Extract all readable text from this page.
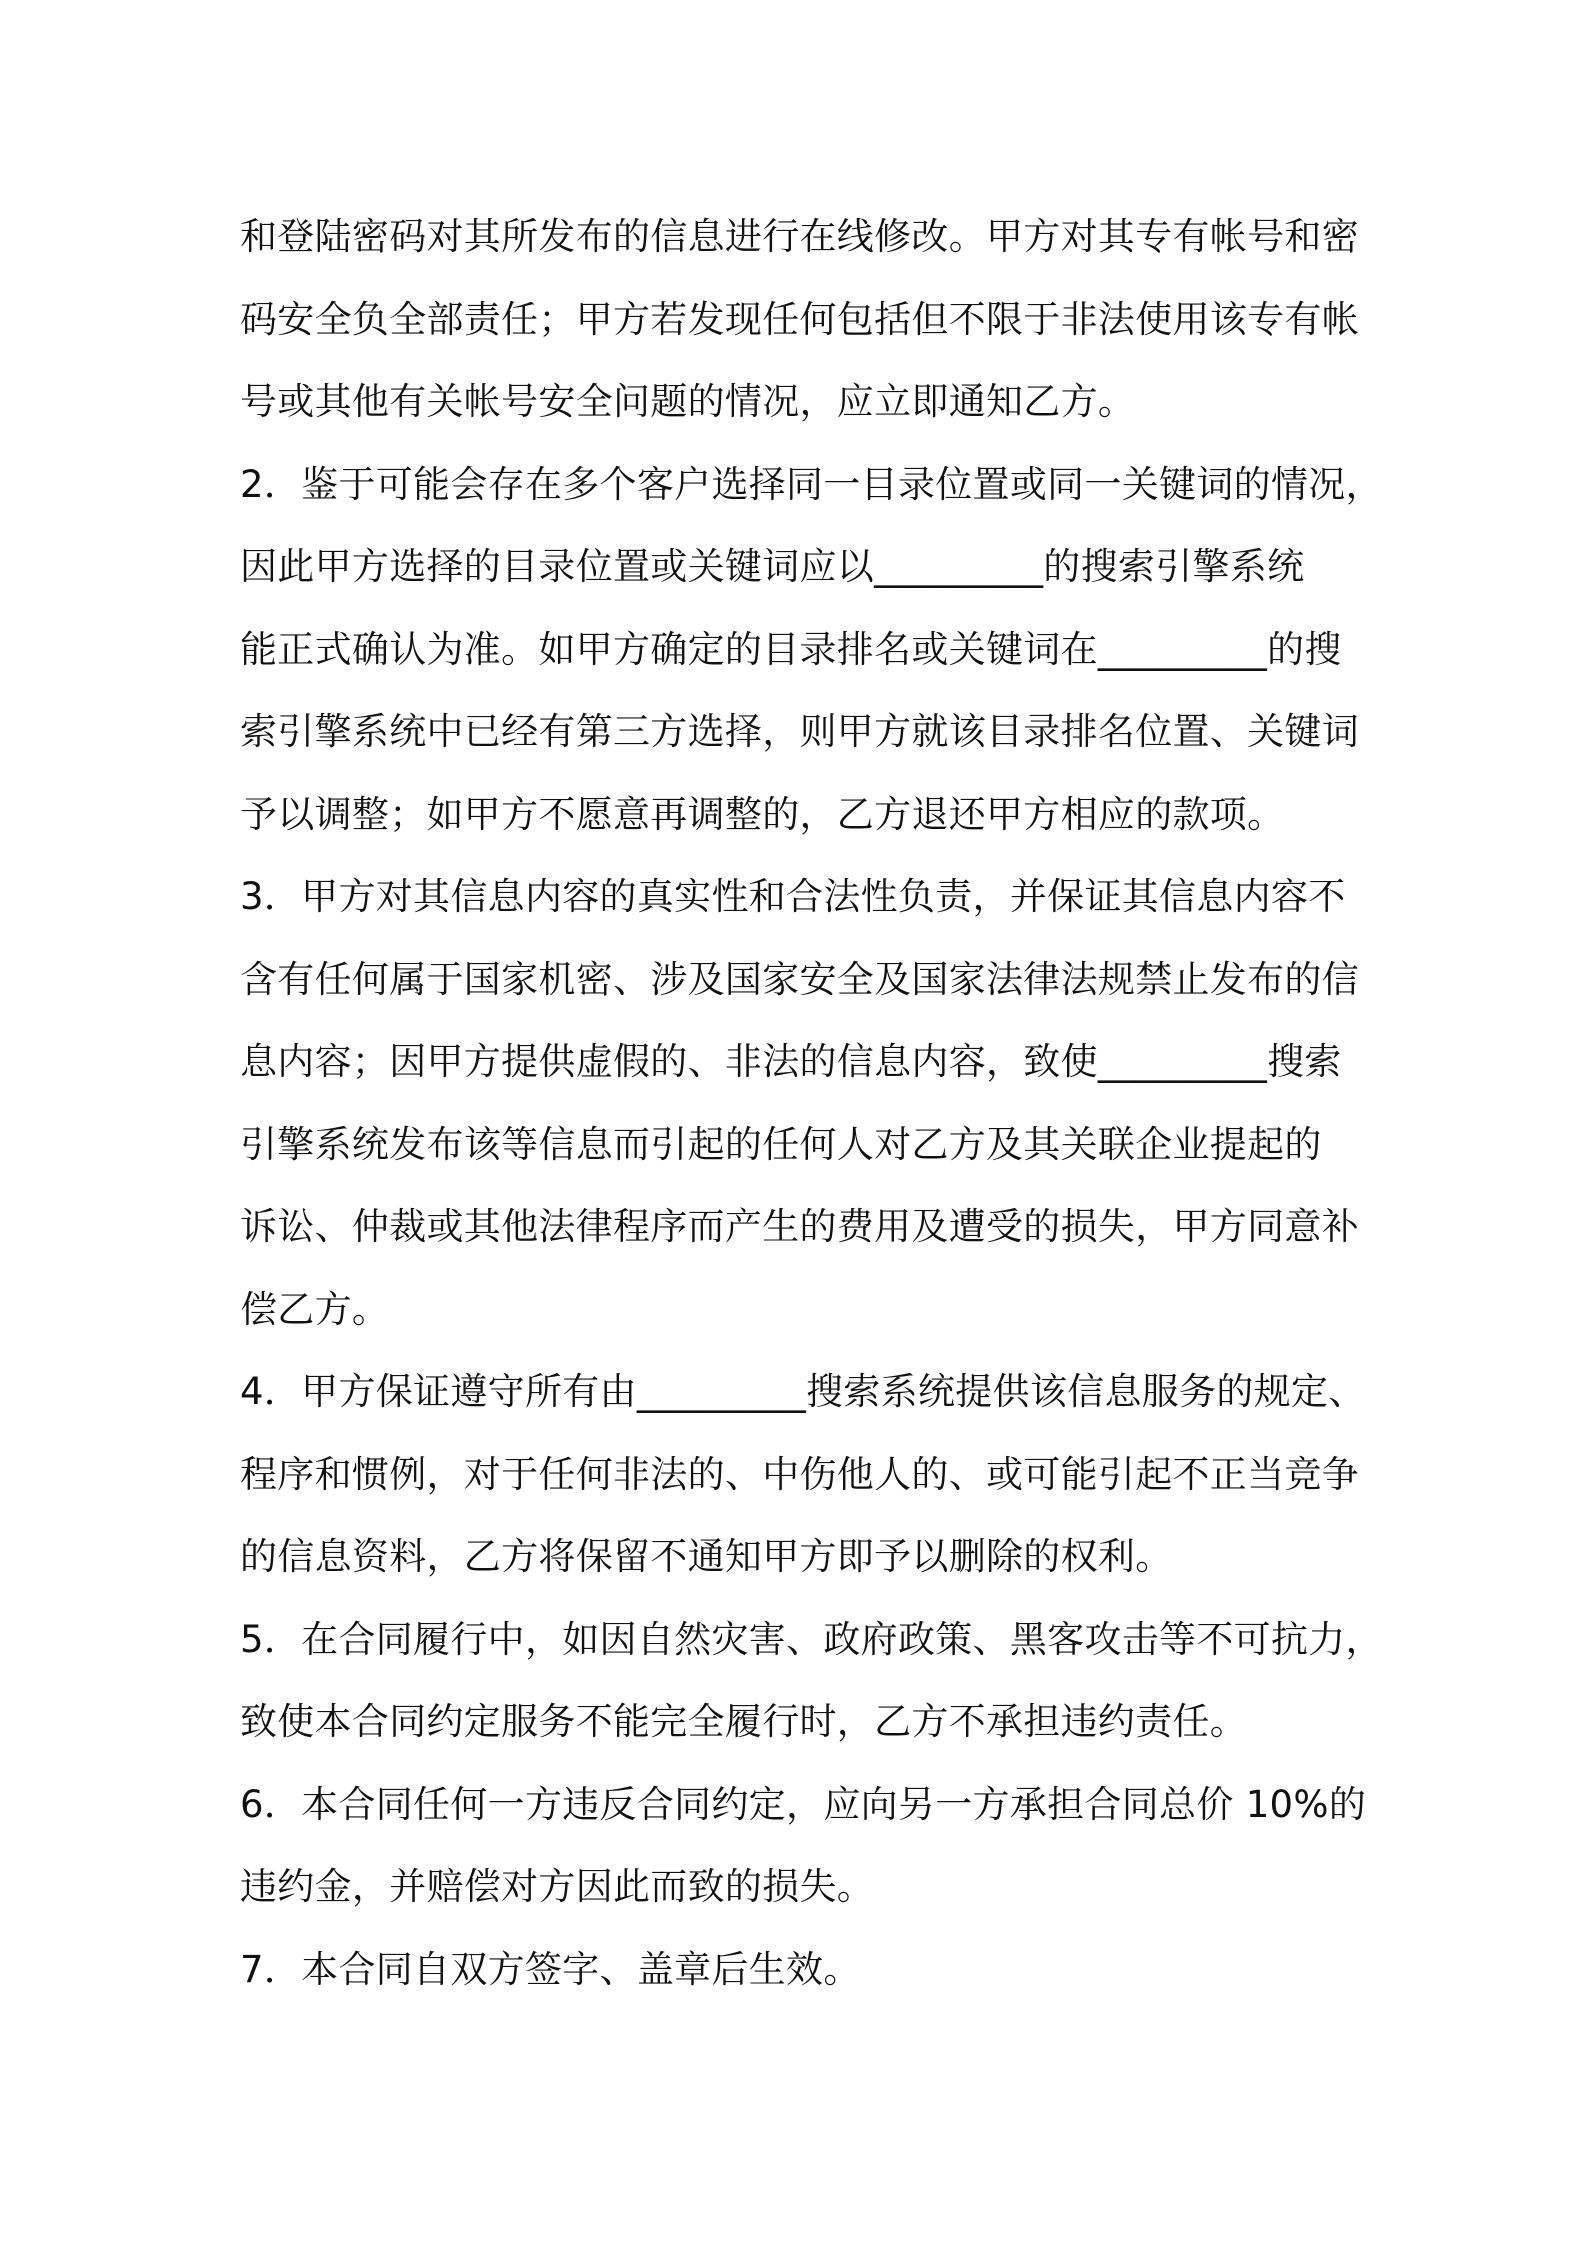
和登陆密码对其所发布的信息进行在线修改。甲方对其专有帐号和密
码安全负全部责任；甲方若发现任何包括但不限于非法使用该专有帐
号或其他有关帐号安全问题的情况，应立即通知乙方。
2．鉴于可能会存在多个客户选择同一目录位置或同一关键词的情况，
因此甲方选择的目录位置或关键词应以_________的搜索引擎系统
能正式确认为准。如甲方确定的目录排名或关键词在_________的搜
索引擎系统中已经有第三方选择，则甲方就该目录排名位置、关键词
予以调整；如甲方不愿意再调整的，乙方退还甲方相应的款项。
3．甲方对其信息内容的真实性和合法性负责，并保证其信息内容不
含有任何属于国家机密、涉及国家安全及国家法律法规禁止发布的信
息内容；因甲方提供虚假的、非法的信息内容，致使_________搜索
引擎系统发布该等信息而引起的任何人对乙方及其关联企业提起的
诉讼、仲裁或其他法律程序而产生的费用及遭受的损失，甲方同意补
偿乙方。
4．甲方保证遵守所有由_________搜索系统提供该信息服务的规定、
程序和惯例，对于任何非法的、中伤他人的、或可能引起不正当竞争
的信息资料，乙方将保留不通知甲方即予以删除的权利。
5．在合同履行中，如因自然灾害、政府政策、黑客攻击等不可抗力，
致使本合同约定服务不能完全履行时，乙方不承担违约责任。
6．本合同任何一方违反合同约定，应向另一方承担合同总价 10%的
违约金，并赔偿对方因此而致的损失。
7．本合同自双方签字、盖章后生效。
